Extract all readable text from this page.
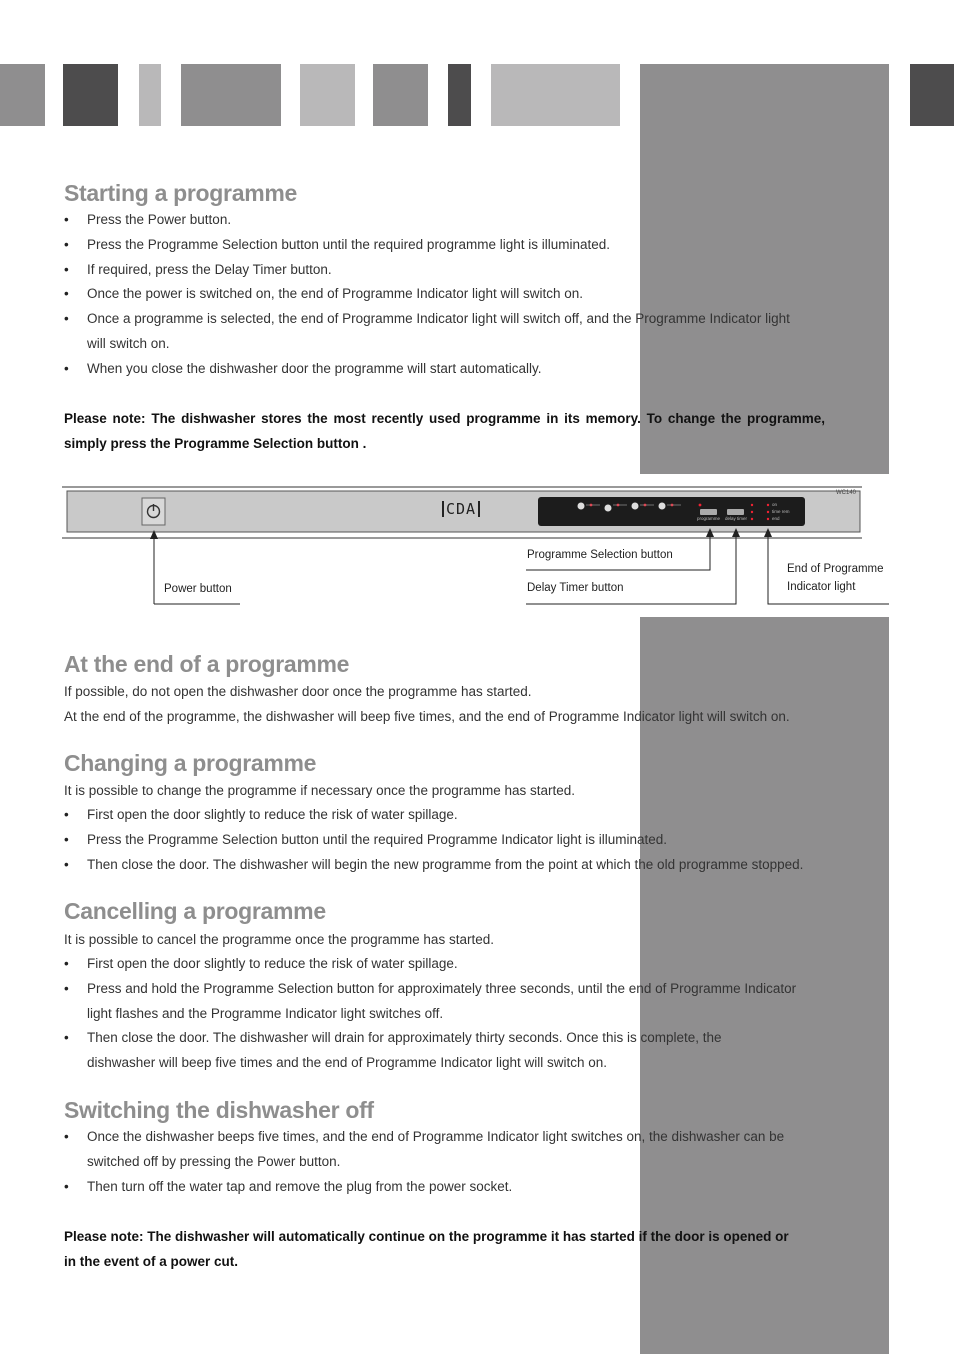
Starting a programme
• Press the Power button.
• Press the Programme Selection button until the required programme light is illuminated.
• If required, press the Delay Timer button.
• Once the power is switched on, the end of Programme Indicator light will switch on.
• Once a programme is selected, the end of Programme Indicator light will switch off, and the Programme Indicator light will switch on.
• When you close the dishwasher door the programme will start automatically.
Please note: The dishwasher stores the most recently used programme in its memory. To change the programme, simply press the Programme Selection button .
CDA
WC140
programme delay timer
on
time rem
end
Power button
Programme Selection button
Delay Timer button
End of Programme
Indicator light
At the end of a programme
If possible, do not open the dishwasher door once the programme has started.
At the end of the programme, the dishwasher will beep five times, and the end of Programme Indicator light will switch on.
Changing a programme
It is possible to change the programme if necessary once the programme has started.
• First open the door slightly to reduce the risk of water spillage.
• Press the Programme Selection button until the required Programme Indicator light is illuminated.
• Then close the door. The dishwasher will begin the new programme from the point at which the old programme stopped.
Cancelling a programme
It is possible to cancel the programme once the programme has started.
• First open the door slightly to reduce the risk of water spillage.
• Press and hold the Programme Selection button for approximately three seconds, until the end of Programme Indicator light flashes and the Programme Indicator light switches off.
• Then close the door. The dishwasher will drain for approximately thirty seconds. Once this is complete, the dishwasher will beep five times and the end of Programme Indicator light will switch on.
Switching the dishwasher off
• Once the dishwasher beeps five times, and the end of Programme Indicator light switches on, the dishwasher can be switched off by pressing the Power button.
• Then turn off the water tap and remove the plug from the power socket.
Please note: The dishwasher will automatically continue on the programme it has started if the door is opened or in the event of a power cut.
